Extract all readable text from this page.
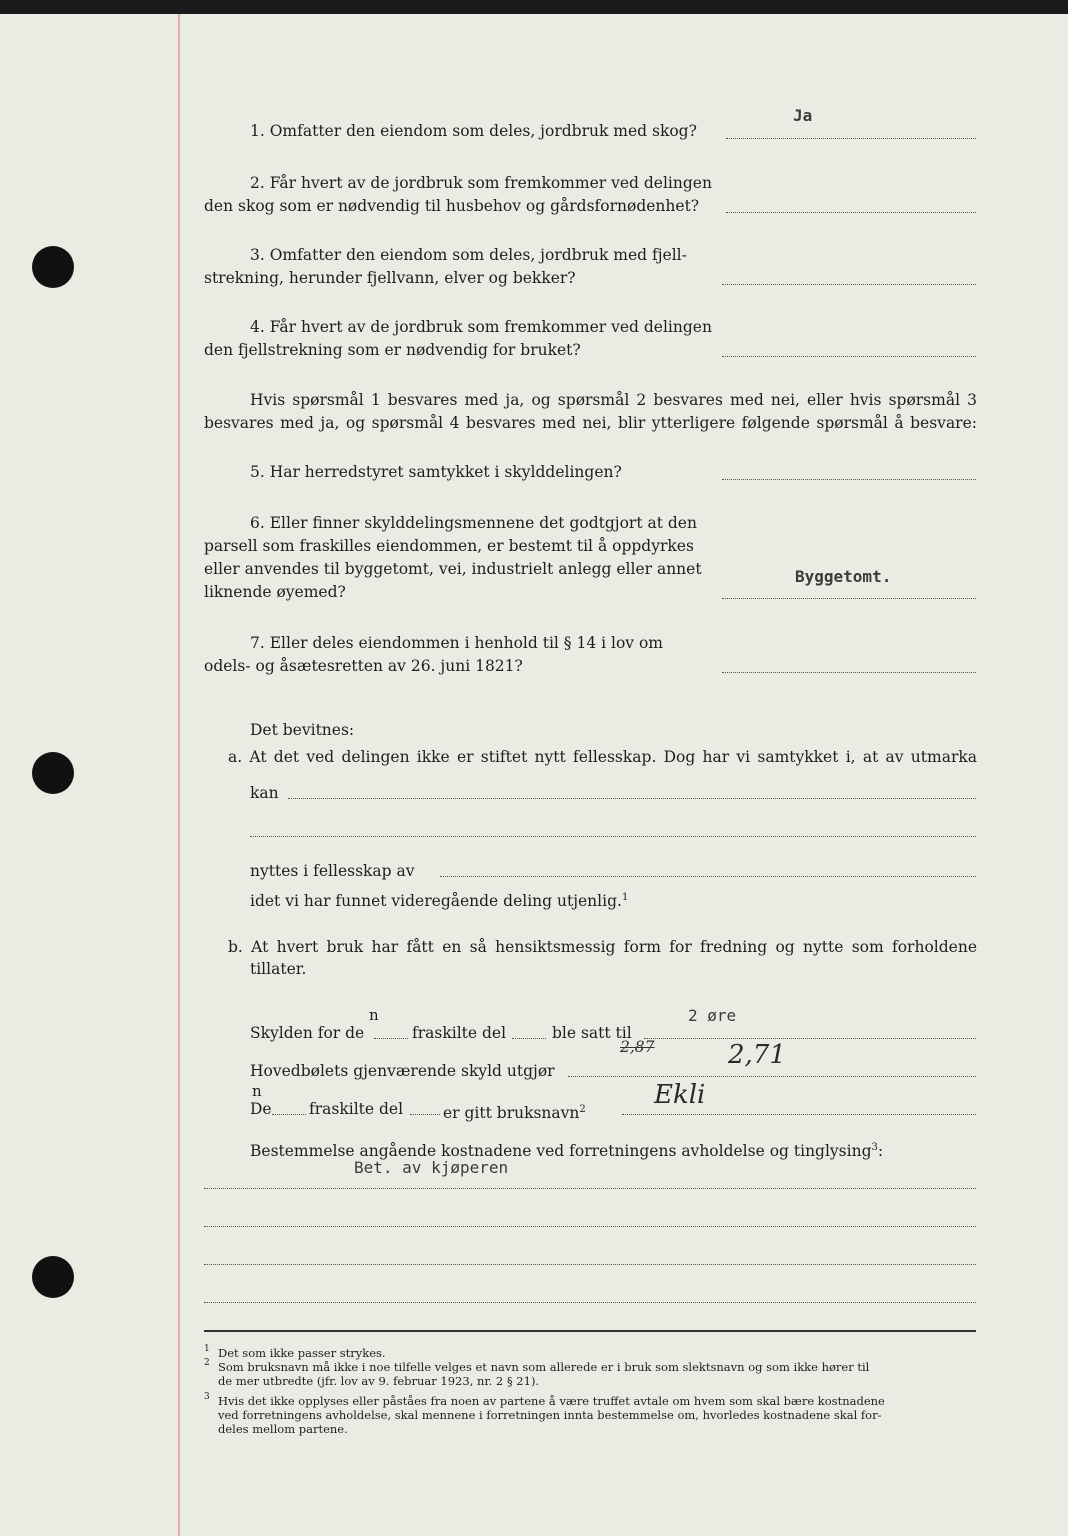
Ja
1. Omfatter den eiendom som deles, jordbruk med skog?
2. Får hvert av de jordbruk som fremkommer ved delingen
den skog som er nødvendig til husbehov og gårdsfornødenhet?
3. Omfatter den eiendom som deles, jordbruk med fjell-
strekning, herunder fjellvann, elver og bekker?
4. Får hvert av de jordbruk som fremkommer ved delingen
den fjellstrekning som er nødvendig for bruket?
Hvis spørsmål 1 besvares med ja, og spørsmål 2 besvares med nei, eller hvis spørsmål 3
besvares med ja, og spørsmål 4 besvares med nei, blir ytterligere følgende spørsmål å besvare:
5. Har herredstyret samtykket i skylddelingen?
6. Eller finner skylddelingsmennene det godtgjort at den
parsell som fraskilles eiendommen, er bestemt til å oppdyrkes
eller anvendes til byggetomt, vei, industrielt anlegg eller annet
liknende øyemed?
Byggetomt.
7. Eller deles eiendommen i henhold til § 14 i lov om
odels- og åsætesretten av 26. juni 1821?
Det bevitnes:
a. At det ved delingen ikke er stiftet nytt fellesskap. Dog har vi samtykket i, at av utmarka
kan
nyttes i fellesskap av
idet vi har funnet videregående deling utjenlig.$^1$
b. At hvert bruk har fått en så hensiktsmessig form for fredning og nytte som forholdene
tillater.
n
Skylden for de	fraskilte del	ble satt til
2 øre
Hovedbølets gjenværende skyld utgjør
2,87	2,71
n
De fraskilte del	er gitt bruksnavn$^2$	Ekli
Bestemmelse angående kostnadene ved forretningens avholdelse og tinglysing$^3$:
Bet. av kjøperen
1 Det som ikke passer strykes.
2 Som bruksnavn må ikke i noe tilfelle velges et navn som allerede er i bruk som slektsnavn og som ikke hører til
de mer utbredte (jfr. lov av 9. februar 1923, nr. 2 § 21).
3 Hvis det ikke opplyses eller påståes fra noen av partene å være truffet avtale om hvem som skal bære kostnadene
ved forretningens avholdelse, skal mennene i forretningen innta bestemmelse om, hvorledes kostnadene skal for-
deles mellom partene.
